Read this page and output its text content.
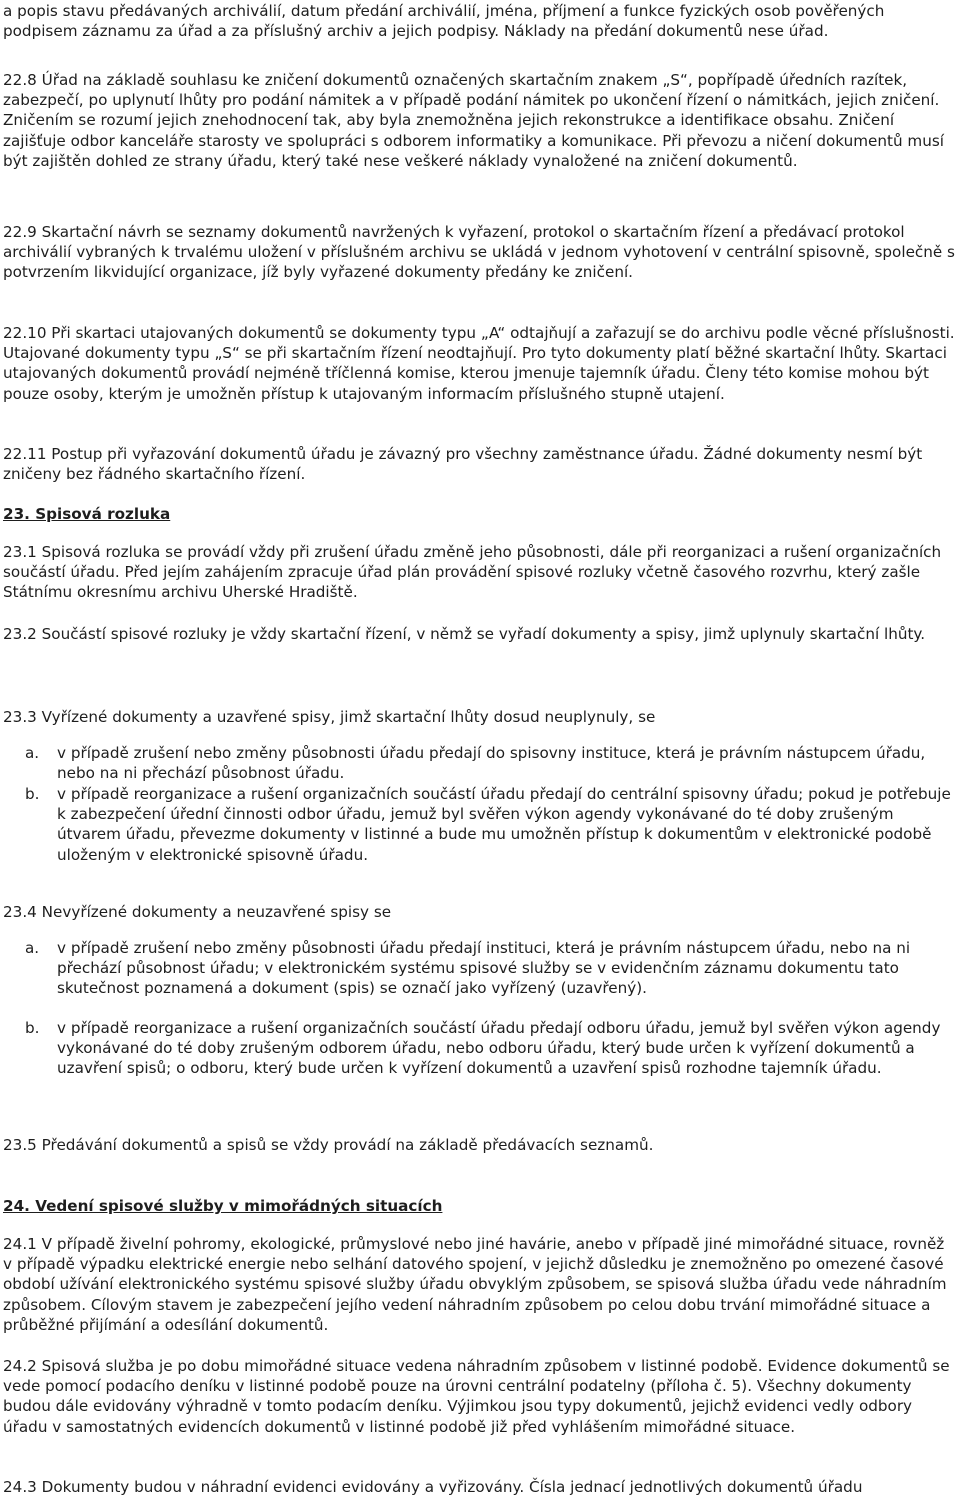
a popis stavu předávaných archiválií, datum předání archiválií, jména, příjmení a funkce fyzických osob pověřených podpisem záznamu za úřad a za příslušný archiv a jejich podpisy. Náklady na předání dokumentů nese úřad.

22.8 Úřad na základě souhlasu ke zničení dokumentů označených skartačním znakem „S“, popřípadě úředních razítek, zabezpečí, po uplynutí lhůty pro podání námitek a v případě podání námitek po ukončení řízení o námitkách, jejich zničení. Zničením se rozumí jejich znehodnocení tak, aby byla znemožněna jejich rekonstrukce a identifikace obsahu. Zničení zajišťuje odbor kanceláře starosty ve spolupráci s odborem informatiky a komunikace. Při převozu a ničení dokumentů musí být zajištěn dohled ze strany úřadu, který také nese veškeré náklady vynaložené na zničení dokumentů.

22.9 Skartační návrh se seznamy dokumentů navržených k vyřazení, protokol o skartačním řízení a předávací protokol archiválií vybraných k trvalému uložení v příslušném archivu se ukládá v jednom vyhotovení v centrální spisovně, společně s potvrzením likvidující organizace, jíž byly vyřazené dokumenty předány ke zničení.

22.10 Při skartaci utajovaných dokumentů se dokumenty typu „A“ odtajňují a zařazují se do archivu podle věcné příslušnosti. Utajované dokumenty typu „S“ se při skartačním řízení neodtajňují. Pro tyto dokumenty platí běžné skartační lhůty. Skartaci utajovaných dokumentů provádí nejméně tříčlenná komise, kterou jmenuje tajemník úřadu. Členy této komise mohou být pouze osoby, kterým je umožněn přístup k utajovaným informacím příslušného stupně utajení.

22.11 Postup při vyřazování dokumentů úřadu je závazný pro všechny zaměstnance úřadu. Žádné dokumenty nesmí být zničeny bez řádného skartačního řízení.

23. Spisová rozluka

23.1 Spisová rozluka se provádí vždy při zrušení úřadu změně jeho působnosti, dále při reorganizaci a rušení organizačních součástí úřadu. Před jejím zahájením zpracuje úřad plán provádění spisové rozluky včetně časového rozvrhu, který zašle Státnímu okresnímu archivu Uherské Hradiště.

23.2 Součástí spisové rozluky je vždy skartační řízení, v němž se vyřadí dokumenty a spisy, jimž uplynuly skartační lhůty.

23.3 Vyřízené dokumenty a uzavřené spisy, jimž skartační lhůty dosud neuplynuly, se

a. v případě zrušení nebo změny působnosti úřadu předají do spisovny instituce, která je právním nástupcem úřadu, nebo na ni přechází působnost úřadu.

b. v případě reorganizace a rušení organizačních součástí úřadu předají do centrální spisovny úřadu; pokud je potřebuje k zabezpečení úřední činnosti odbor úřadu, jemuž byl svěřen výkon agendy vykonávané do té doby zrušeným útvarem úřadu, převezme dokumenty v listinné a bude mu umožněn přístup k dokumentům v elektronické podobě uloženým v elektronické spisovně úřadu.

23.4 Nevyřízené dokumenty a neuzavřené spisy se

a. v případě zrušení nebo změny působnosti úřadu předají instituci, která je právním nástupcem úřadu, nebo na ni přechází působnost úřadu; v elektronickém systému spisové služby se v evidenčním záznamu dokumentu tato skutečnost poznamená a dokument (spis) se označí jako vyřízený (uzavřený).

b. v případě reorganizace a rušení organizačních součástí úřadu předají odboru úřadu, jemuž byl svěřen výkon agendy vykonávané do té doby zrušeným odborem úřadu, nebo odboru úřadu, který bude určen k vyřízení dokumentů a uzavření spisů; o odboru, který bude určen k vyřízení dokumentů a uzavření spisů rozhodne tajemník úřadu.

23.5 Předávání dokumentů a spisů se vždy provádí na základě předávacích seznamů.

24. Vedení spisové služby v mimořádných situacích

24.1 V případě živelní pohromy, ekologické, průmyslové nebo jiné havárie, anebo v případě jiné mimořádné situace, rovněž v případě výpadku elektrické energie nebo selhání datového spojení, v jejichž důsledku je znemožněno po omezené časové období užívání elektronického systému spisové služby úřadu obvyklým způsobem, se spisová služba úřadu vede náhradním způsobem. Cílovým stavem je zabezpečení jejího vedení náhradním způsobem po celou dobu trvání mimořádné situace a průběžné přijímání a odesílání dokumentů.

24.2 Spisová služba je po dobu mimořádné situace vedena náhradním způsobem v listinné podobě. Evidence dokumentů se vede pomocí podacího deníku v listinné podobě pouze na úrovni centrální podatelny (příloha č. 5). Všechny dokumenty budou dále evidovány výhradně v tomto podacím deníku. Výjimkou jsou typy dokumentů, jejichž evidenci vedly odbory úřadu v samostatných evidencích dokumentů v listinné podobě již před vyhlášením mimořádné situace.

24.3 Dokumenty budou v náhradní evidenci evidovány a vyřizovány. Čísla jednací jednotlivých dokumentů úřadu
